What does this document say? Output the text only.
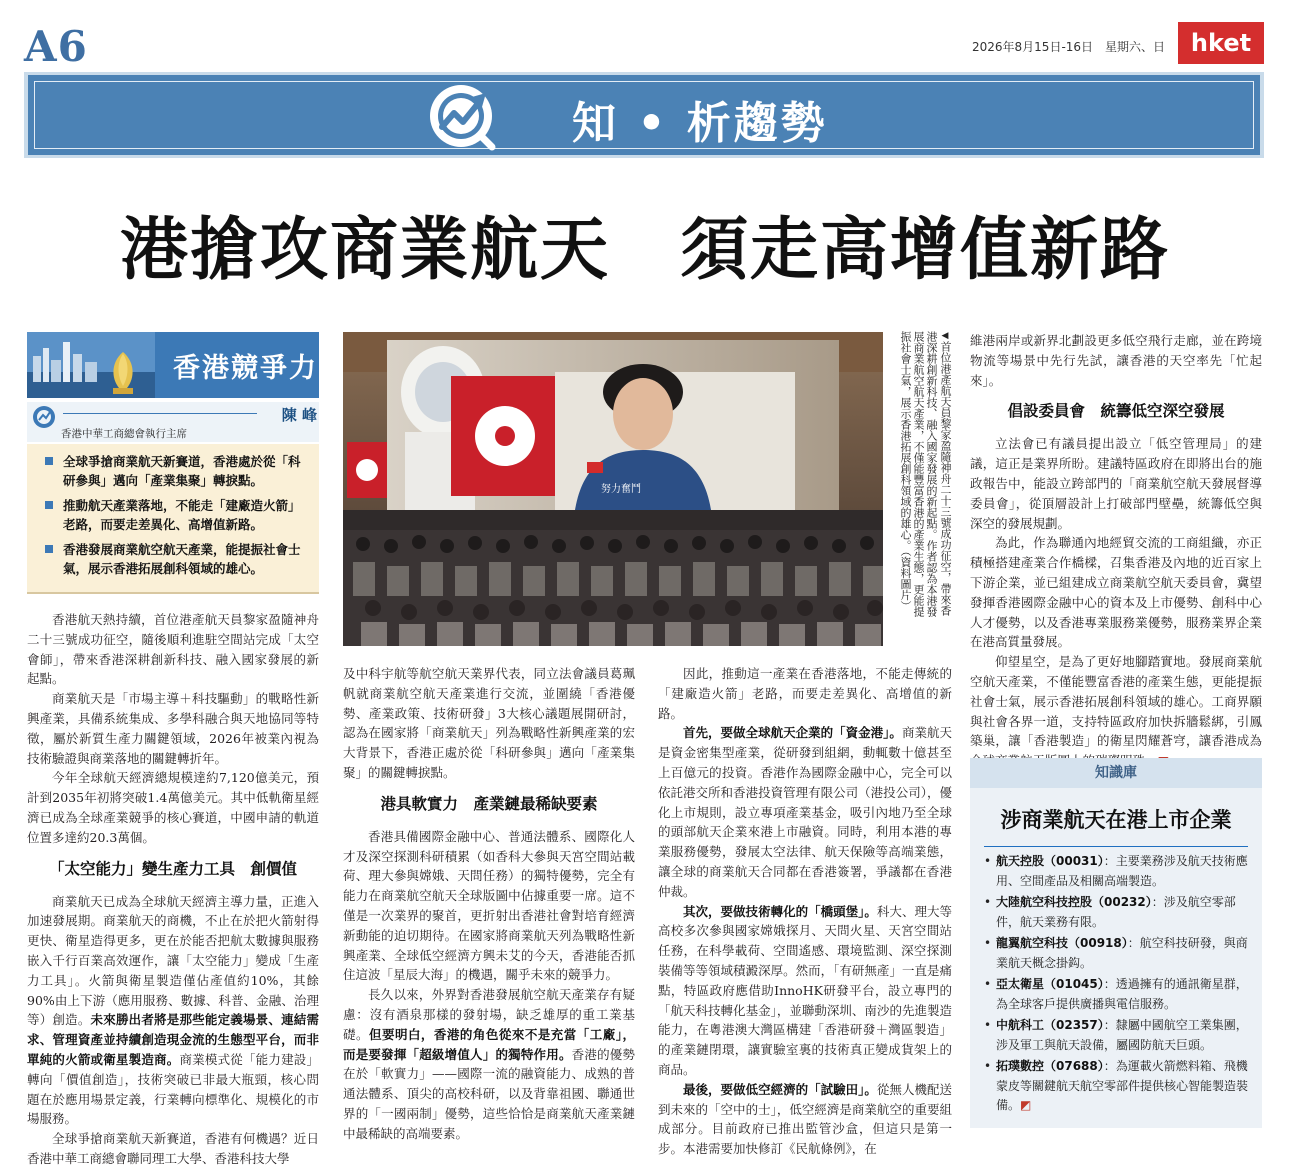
A6	2026年8月15日-16日　星期六、日	hket
知 • 析趨勢
港搶攻商業航天　須走高增值新路
香港競爭力
陳 峰
香港中華工商總會執行主席
全球爭搶商業航天新賽道，香港處於從「科研參與」邁向「產業集聚」轉捩點。
推動航天產業落地，不能走「建廠造火箭」老路，而要走差異化、高增值新路。
香港發展商業航空航天產業，能提振社會士氣，展示香港拓展創科領域的雄心。
努力奮鬥
◀首位港產航天員黎家盈隨神舟二十三號成功征空，帶來香港深耕創新科技、融入國家發展的新起點。作者認為本港發展商業航空航天產業，不僅能豐富香港的產業生態，更能提振社會士氣，展示香港拓展創科領域的雄心。（資料圖片）

香港航天熱持續，首位港產航天員黎家盈隨神舟二十三號成功征空，隨後順利進駐空間站完成「太空會師」，帶來香港深耕創新科技、融入國家發展的新起點。

商業航天是「市場主導＋科技驅動」的戰略性新興產業，具備系統集成、多學科融合與天地協同等特徵，屬於新質生產力關鍵領域，2026年被業內視為技術驗證與商業落地的關鍵轉折年。

今年全球航天經濟總規模達約7,120億美元，預計到2035年初將突破1.4萬億美元。其中低軌衛星經濟已成為全球產業競爭的核心賽道，中國申請的軌道位置多達約20.3萬個。

「太空能力」變生產力工具　創價值

商業航天已成為全球航天經濟主導力量，正進入加速發展期。商業航天的商機，不止在於把火箭射得更快、衛星造得更多，更在於能否把航太數據與服務嵌入千行百業高效運作，讓「太空能力」變成「生產力工具」。火箭與衛星製造僅佔產值約10%，其餘90%由上下游（應用服務、數據、科普、金融、治理等）創造。未來勝出者將是那些能定義場景、連結需求、管理資產並持續創造現金流的生態型平台，而非單純的火箭或衛星製造商。商業模式從「能力建設」轉向「價值創造」，技術突破已非最大瓶頸，核心問題在於應用場景定義，行業轉向標準化、規模化的市場服務。

全球爭搶商業航天新賽道，香港有何機遇？近日香港中華工商總會聯同理工大學、香港科技大學

及中科宇航等航空航天業界代表，同立法會議員葛珮帆就商業航空航天產業進行交流，並圍繞「香港優勢、產業政策、技術研發」3大核心議題展開研討，認為在國家將「商業航天」列為戰略性新興產業的宏大背景下，香港正處於從「科研參與」邁向「產業集聚」的關鍵轉捩點。

港具軟實力　產業鏈最稀缺要素

香港具備國際金融中心、普通法體系、國際化人才及深空探測科研積累（如香科大參與天宮空間站載荷、理大參與嫦娥、天問任務）的獨特優勢，完全有能力在商業航空航天全球版圖中佔據重要一席。這不僅是一次業界的聚首，更折射出香港社會對培育經濟新動能的迫切期待。在國家將商業航天列為戰略性新興產業、全球低空經濟方興未艾的今天，香港能否抓住這波「星辰大海」的機遇，關乎未來的競爭力。

長久以來，外界對香港發展航空航天產業存有疑慮：沒有酒泉那樣的發射場，缺乏雄厚的重工業基礎。但要明白，香港的角色從來不是充當「工廠」，而是要發揮「超級增值人」的獨特作用。香港的優勢在於「軟實力」——國際一流的融資能力、成熟的普通法體系、頂尖的高校科研，以及背靠祖國、聯通世界的「一國兩制」優勢，這些恰恰是商業航天產業鏈中最稀缺的高端要素。

因此，推動這一產業在香港落地，不能走傳統的「建廠造火箭」老路，而要走差異化、高增值的新路。

首先，要做全球航天企業的「資金港」。商業航天是資金密集型產業，從研發到組網，動輒數十億甚至上百億元的投資。香港作為國際金融中心，完全可以依託港交所和香港投資管理有限公司（港投公司），優化上市規則，設立專項產業基金，吸引內地乃至全球的頭部航天企業來港上市融資。同時，利用本港的專業服務優勢，發展太空法律、航天保險等高端業態，讓全球的商業航天合同都在香港簽署，爭議都在香港仲裁。

其次，要做技術轉化的「橋頭堡」。科大、理大等高校多次參與國家嫦娥探月、天問火星、天宮空間站任務，在科學載荷、空間遙感、環境監測、深空探測裝備等等領域積澱深厚。然而，「有研無產」一直是痛點，特區政府應借助InnoHK研發平台，設立專門的「航天科技轉化基金」，並聯動深圳、南沙的先進製造能力，在粵港澳大灣區構建「香港研發＋灣區製造」的產業鏈閉環，讓實驗室裏的技術真正變成貨架上的商品。

最後，要做低空經濟的「試驗田」。從無人機配送到未來的「空中的士」，低空經濟是商業航空的重要組成部分。目前政府已推出監管沙盒，但這只是第一步。本港需要加快修訂《民航條例》，在

維港兩岸或新界北劃設更多低空飛行走廊，並在跨境物流等場景中先行先試，讓香港的天空率先「忙起來」。

倡設委員會　統籌低空深空發展

立法會已有議員提出設立「低空管理局」的建議，這正是業界所盼。建議特區政府在即將出台的施政報告中，能設立跨部門的「商業航空航天發展督導委員會」，從頂層設計上打破部門壁壘，統籌低空與深空的發展規劃。

為此，作為聯通內地經貿交流的工商組織，亦正積極搭建產業合作橋樑，召集香港及內地的近百家上下游企業，並已組建成立商業航空航天委員會，冀望發揮香港國際金融中心的資本及上市優勢、創科中心人才優勢，以及香港專業服務業優勢，服務業界企業在港高質量發展。

仰望星空，是為了更好地腳踏實地。發展商業航空航天產業，不僅能豐富香港的產業生態，更能提振社會士氣，展示香港拓展創科領域的雄心。工商界願與社會各界一道，支持特區政府加快拆牆鬆綁，引鳳築巢，讓「香港製造」的衛星閃耀蒼穹，讓香港成為

知識庫
涉商業航天在港上市企業
• 航天控股（00031）：主要業務涉及航天技術應用、空間產品及相關高端製造。
• 大陸航空科技控股（00232）：涉及航空零部件，航天業務有限。
• 龍翼航空科技（00918）：航空科技研發，與商業航天概念掛鈎。
• 亞太衛星（01045）：透過擁有的通訊衛星群，為全球客戶提供廣播與電信服務。
• 中航科工（02357）：隸屬中國航空工業集團，涉及軍工與航天設備，屬國防航天巨頭。
• 拓璞數控（07688）：為運載火箭燃料箱、飛機蒙皮等關鍵航天航空零部件提供核心智能製造裝備。◩
